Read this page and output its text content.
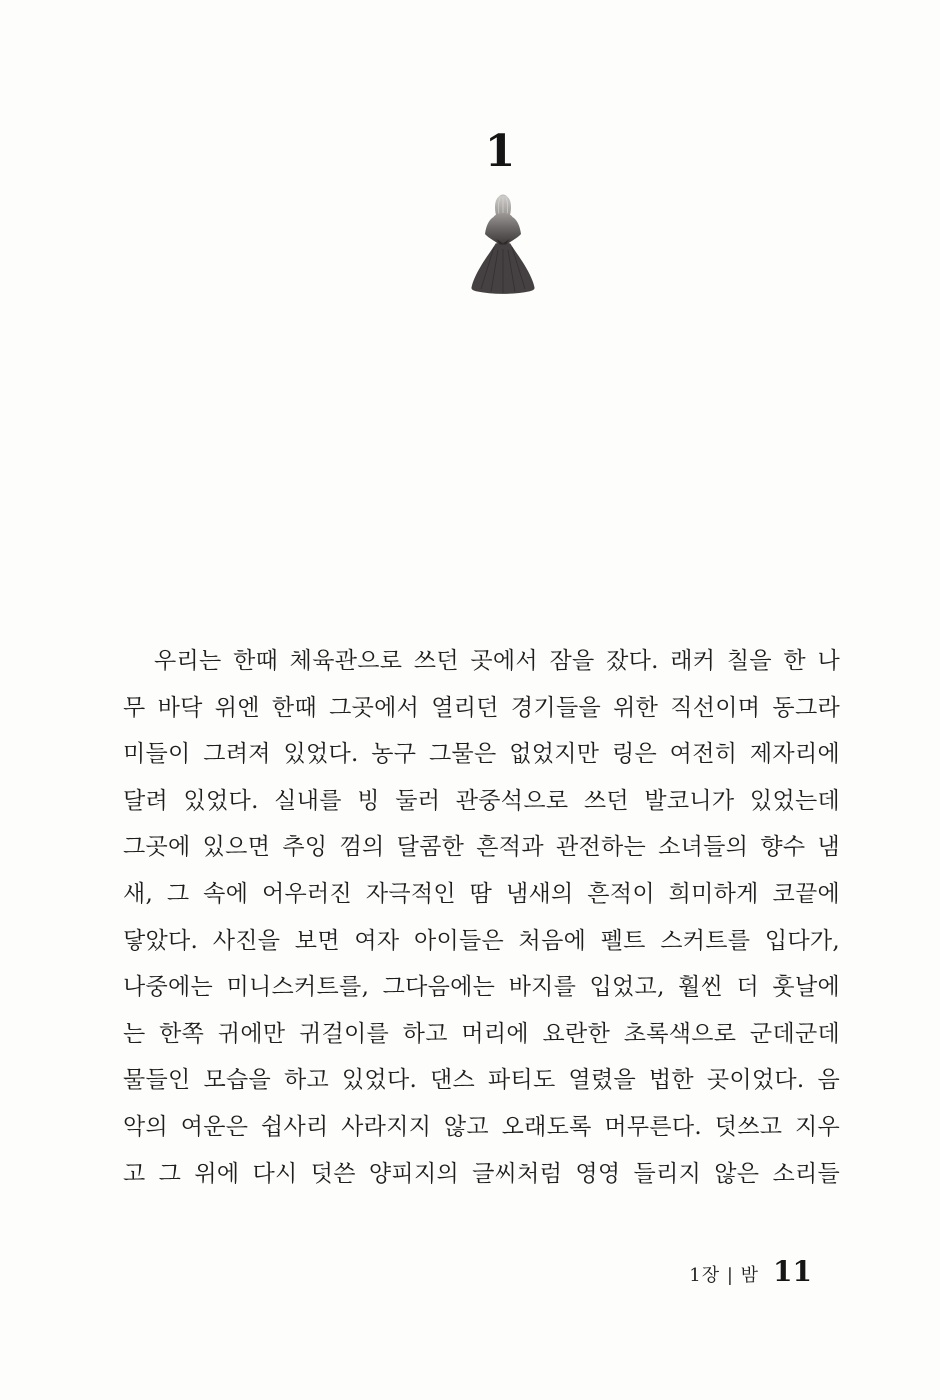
1
우리는 한때 체육관으로 쓰던 곳에서 잠을 잤다. 래커 칠을 한 나
무 바닥 위엔 한때 그곳에서 열리던 경기들을 위한 직선이며 동그라
미들이 그려져 있었다. 농구 그물은 없었지만 링은 여전히 제자리에
달려 있었다. 실내를 빙 둘러 관중석으로 쓰던 발코니가 있었는데
그곳에 있으면 추잉 껌의 달콤한 흔적과 관전하는 소녀들의 향수 냄
새, 그 속에 어우러진 자극적인 땀 냄새의 흔적이 희미하게 코끝에
닿았다. 사진을 보면 여자 아이들은 처음에 펠트 스커트를 입다가,
나중에는 미니스커트를, 그다음에는 바지를 입었고, 훨씬 더 훗날에
는 한쪽 귀에만 귀걸이를 하고 머리에 요란한 초록색으로 군데군데
물들인 모습을 하고 있었다. 댄스 파티도 열렸을 법한 곳이었다. 음
악의 여운은 쉽사리 사라지지 않고 오래도록 머무른다. 덧쓰고 지우
고 그 위에 다시 덧쓴 양피지의 글씨처럼 영영 들리지 않은 소리들
1장 | 밤 11
